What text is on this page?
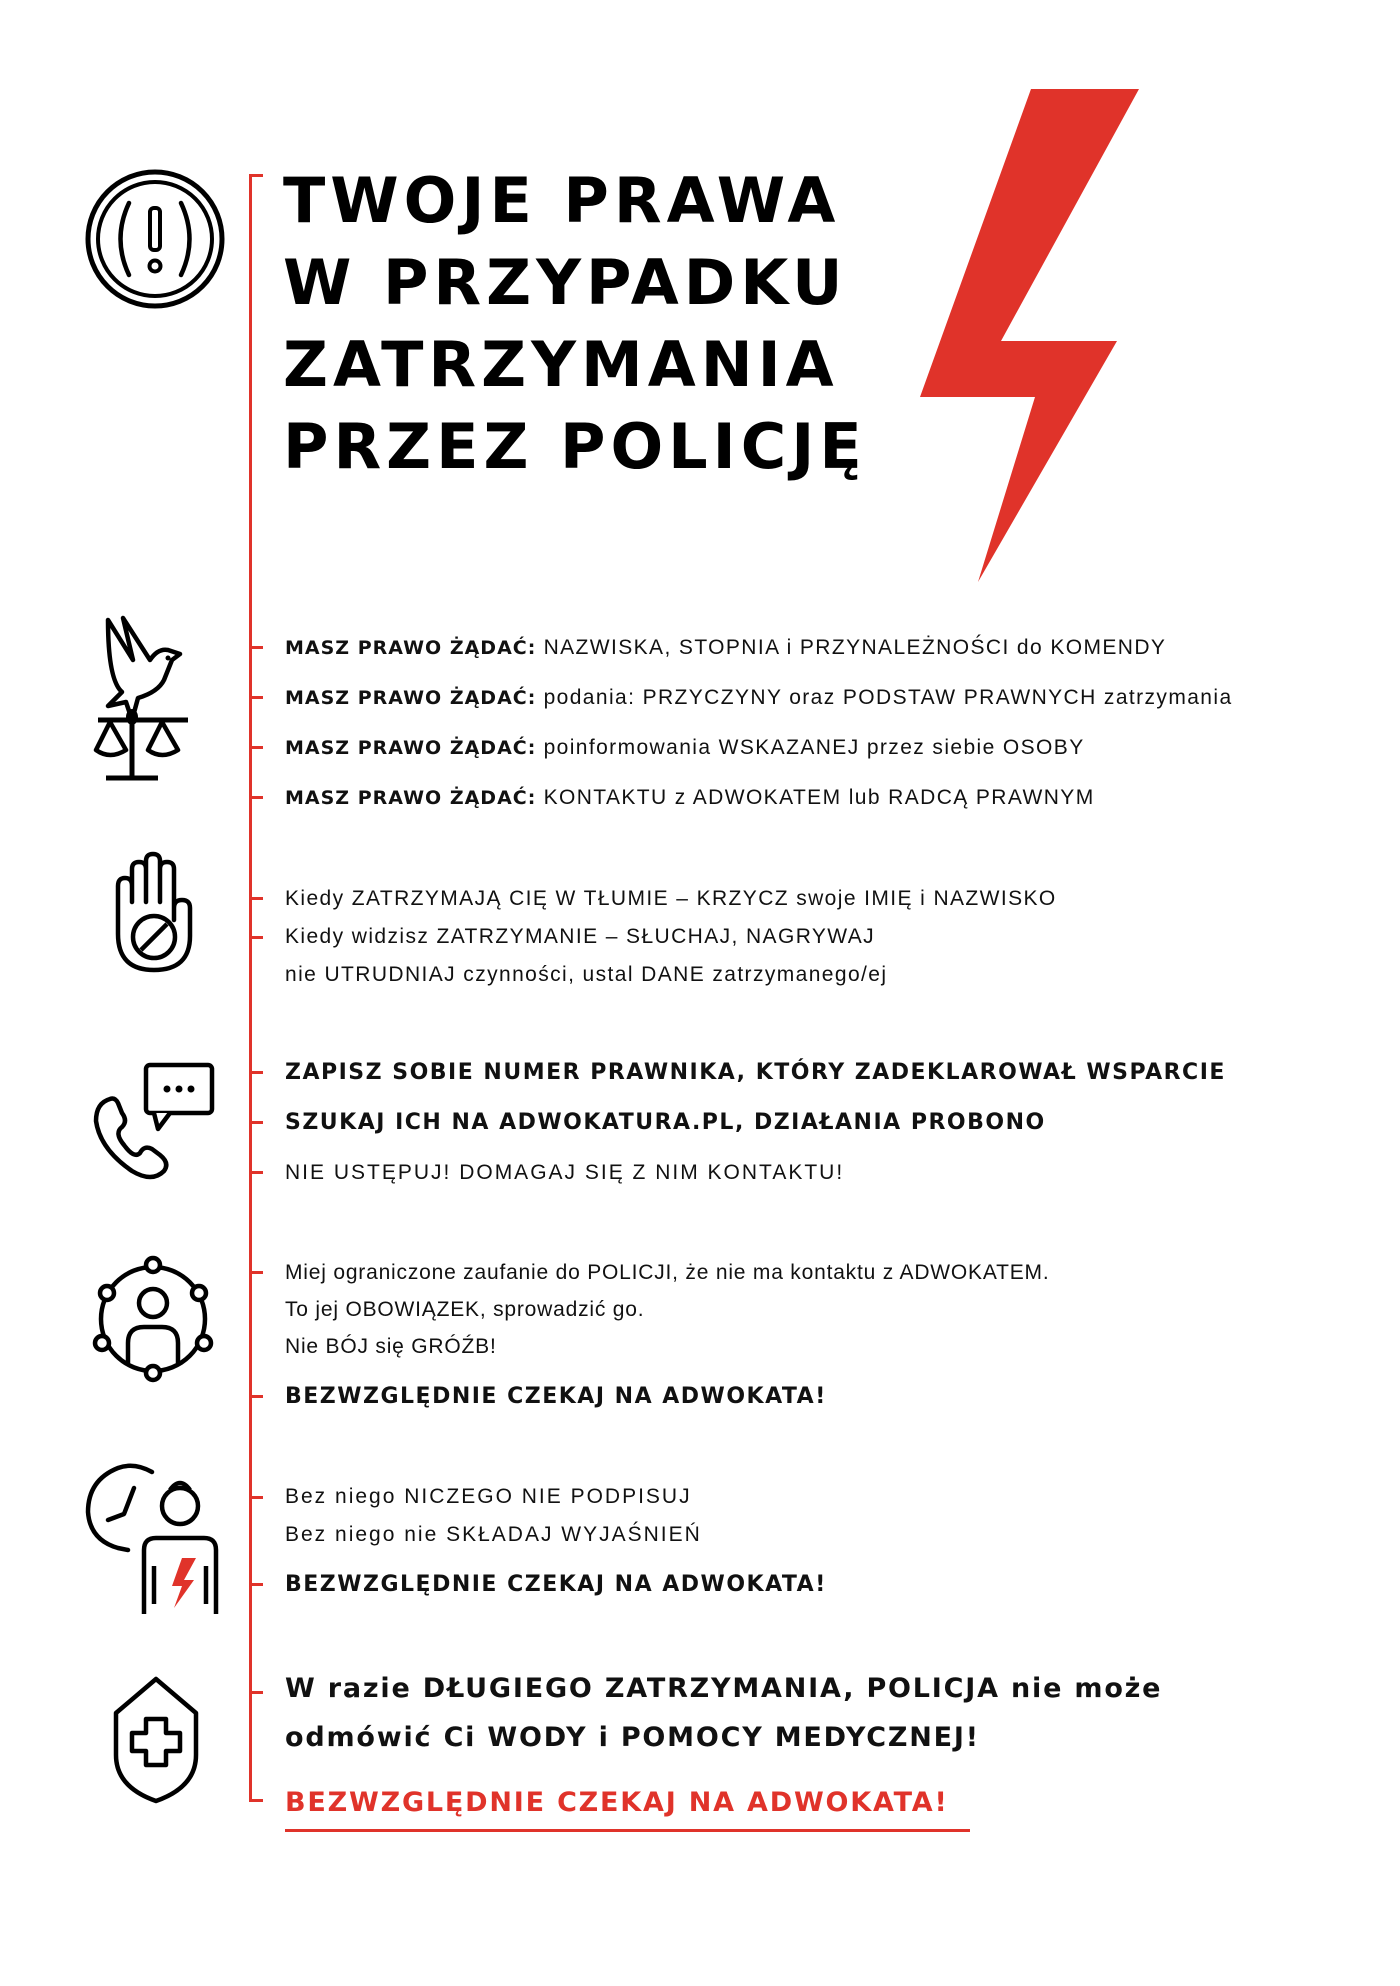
TWOJE PRAWA
W PRZYPADKU
ZATRZYMANIA
PRZEZ POLICJĘ
MASZ PRAWO ŻĄDAĆ: NAZWISKA, STOPNIA i PRZYNALEŻNOŚCI do KOMENDY
MASZ PRAWO ŻĄDAĆ: podania: PRZYCZYNY oraz PODSTAW PRAWNYCH zatrzymania
MASZ PRAWO ŻĄDAĆ: poinformowania WSKAZANEJ przez siebie OSOBY
MASZ PRAWO ŻĄDAĆ: KONTAKTU z ADWOKATEM lub RADCĄ PRAWNYM
Kiedy ZATRZYMAJĄ CIĘ W TŁUMIE – KRZYCZ swoje IMIĘ i NAZWISKO
Kiedy widzisz ZATRZYMANIE – SŁUCHAJ, NAGRYWAJ
nie UTRUDNIAJ czynności, ustal DANE zatrzymanego/ej
ZAPISZ SOBIE NUMER PRAWNIKA, KTÓRY ZADEKLAROWAŁ WSPARCIE
SZUKAJ ICH NA ADWOKATURA.PL, DZIAŁANIA PROBONO
NIE USTĘPUJ! DOMAGAJ SIĘ Z NIM KONTAKTU!
Miej ograniczone zaufanie do POLICJI, że nie ma kontaktu z ADWOKATEM.
To jej OBOWIĄZEK, sprowadzić go.
Nie BÓJ się GRÓŹB!
BEZWZGLĘDNIE CZEKAJ NA ADWOKATA!
Bez niego NICZEGO NIE PODPISUJ
Bez niego nie SKŁADAJ WYJAŚNIEŃ
BEZWZGLĘDNIE CZEKAJ NA ADWOKATA!
W razie DŁUGIEGO ZATRZYMANIA, POLICJA nie może
odmówić Ci WODY i POMOCY MEDYCZNEJ!
BEZWZGLĘDNIE CZEKAJ NA ADWOKATA!
